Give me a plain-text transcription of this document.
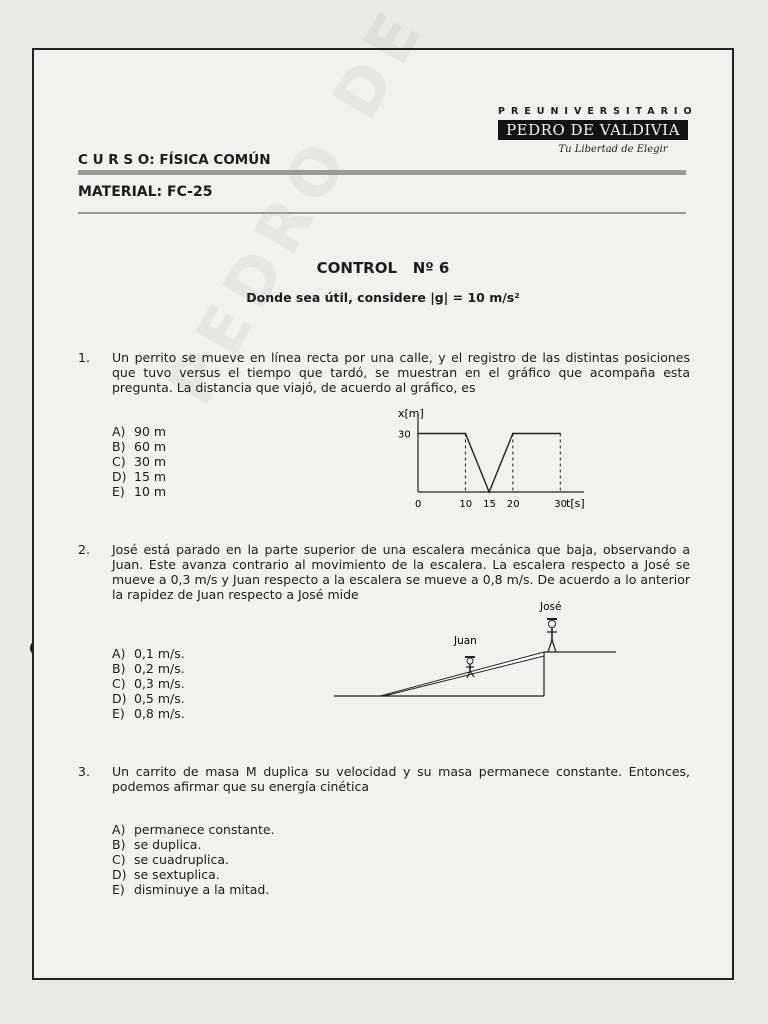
PREUNIVERSITARIO
PEDRO DE VALDIVIA
Tu Libertad de Elegir
C U R S O: FÍSICA COMÚN
MATERIAL: FC-25
CONTROL   Nº 6
Donde sea útil, considere |g| = 10 m/s²
1.	Un perrito se mueve en línea recta por una calle, y el registro de las distintas posiciones que tuvo versus el tiempo que tardó, se muestran en el gráfico que acompaña esta pregunta. La distancia que viajó, de acuerdo al gráfico, es
A) 90 m
B) 60 m
C) 30 m
D) 15 m
E) 10 m
x[m]
t[s]
0	10 15 20	30
30
2.	José está parado en la parte superior de una escalera mecánica que baja, observando a Juan. Este avanza contrario al movimiento de la escalera. La escalera respecto a José se mueve a 0,3 m/s y Juan respecto a la escalera se mueve a 0,8 m/s. De acuerdo a lo anterior la rapidez de Juan respecto a José mide
A) 0,1 m/s.
B) 0,2 m/s.
C) 0,3 m/s.
D) 0,5 m/s.
E) 0,8 m/s.
José
Juan
3.	Un carrito de masa M duplica su velocidad y su masa permanece constante. Entonces, podemos afirmar que su energía cinética
A) permanece constante.
B) se duplica.
C) se cuadruplica.
D) se sextuplica.
E) disminuye a la mitad.
